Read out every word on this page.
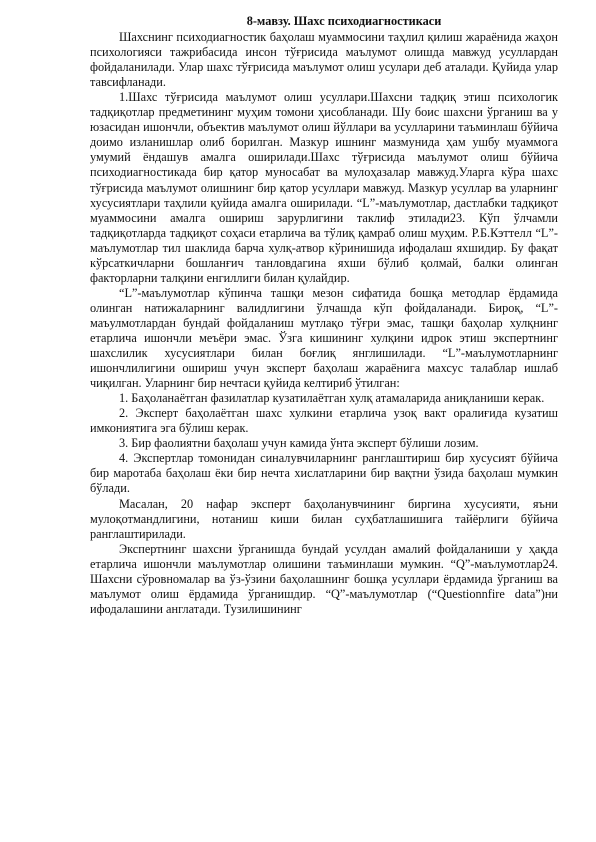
8-мавзу. Шахс психодиагностикаси

Шахснинг психодиагностик баҳолаш муаммосини таҳлил қилиш жараёнида жаҳон психологияси тажрибасида инсон тўғрисида маълумот олишда мавжуд усуллардан фойдаланилади. Улар шахс тўғрисида маълумот олиш усулари деб аталади. Қуйида улар тавсифланади.

1.Шахс тўғрисида маълумот олиш усуллари.Шахсни тадқиқ этиш психологик тадқиқотлар предметининг муҳим томони ҳисобланади. Шу боис шахсни ўрганиш ва у юзасидан ишончли, объектив маълумот олиш йўллари ва усулларини таъминлаш бўйича доимо изланишлар олиб борилган. Мазкур ишнинг мазмунида ҳам ушбу муаммога умумий ёндашув амалга оширилади.Шахс тўғрисида маълумот олиш бўйича психодиагностикада бир қатор муносабат ва мулоҳазалар мавжуд.Уларга кўра шахс тўғрисида маълумот олишнинг бир қатор усуллари мавжуд. Мазкур усуллар ва уларнинг хусусиятлари таҳлили қуйида амалга оширилади. “L”-маълумотлар, дастлабки тадқиқот муаммосини амалга ошириш зарурлигини таклиф этилади23. Кўп ўлчамли тадқиқотларда тадқиқот соҳаси етарлича ва тўлиқ қамраб олиш муҳим. Р.Б.Кэттелл “L”-маълумотлар тил шаклида барча хулқ-атвор кўринишида ифодалаш яхшидир. Бу фақат кўрсаткичларни бошланғич танловдагина яхши бўлиб қолмай, балки олинган факторларни талқини енгиллиги билан қулайдир.

“L”-маълумотлар кўпинча ташқи мезон сифатида бошқа методлар ёрдамида олинган натижаларнинг валидлигини ўлчашда кўп фойдаланади. Бироқ, “L”-маъулмотлардан бундай фойдаланиш мутлақо тўғри эмас, ташқи баҳолар хулқнинг етарлича ишончли меъёри эмас. Ўзга кишининг хулқини идрок этиш экспертнинг шахслилик хусусиятлари билан боғлиқ янглишилади. “L”-маълумотларнинг ишончлилигини ошириш учун эксперт баҳолаш жараёнига махсус талаблар ишлаб чиқилган. Уларнинг бир нечтаси қуйида келтириб ўтилган:

1. Баҳоланаётган фазилатлар кузатилаётган хулқ атамаларида аниқланиши керак.

2. Эксперт баҳолаётган шахс хулкини етарлича узоқ вакт оралиғида кузатиш имкониятига эга бўлиш керак.

3. Бир фаолиятни баҳолаш учун камида ўнта эксперт бўлиши лозим.

4. Экспертлар томонидан синалувчиларнинг ранглаштириш бир хусусият бўйича бир маротаба баҳолаш ёки бир нечта хислатларини бир вақтни ўзида баҳолаш мумкин бўлади.

Масалан, 20 нафар эксперт баҳоланувчининг биргина хусусияти, яъни мулоқотмандлигини, нотаниш киши билан суҳбатлашишига тайёрлиги бўйича ранглаштирилади.

Экспертнинг шахсни ўрганишда бундай усулдан амалий фойдаланиши у ҳақда етарлича ишончли маълумотлар олишини таъминлаши мумкин. “Q”-маълумотлар24. Шахсни сўровномалар ва ўз-ўзини баҳолашнинг бошқа усуллари ёрдамида ўрганиш ва маълумот олиш ёрдамида ўрганишдир. “Q”-маълумотлар (“Questionnfire data”)ни ифодалашини англатади. Тузилишининг
